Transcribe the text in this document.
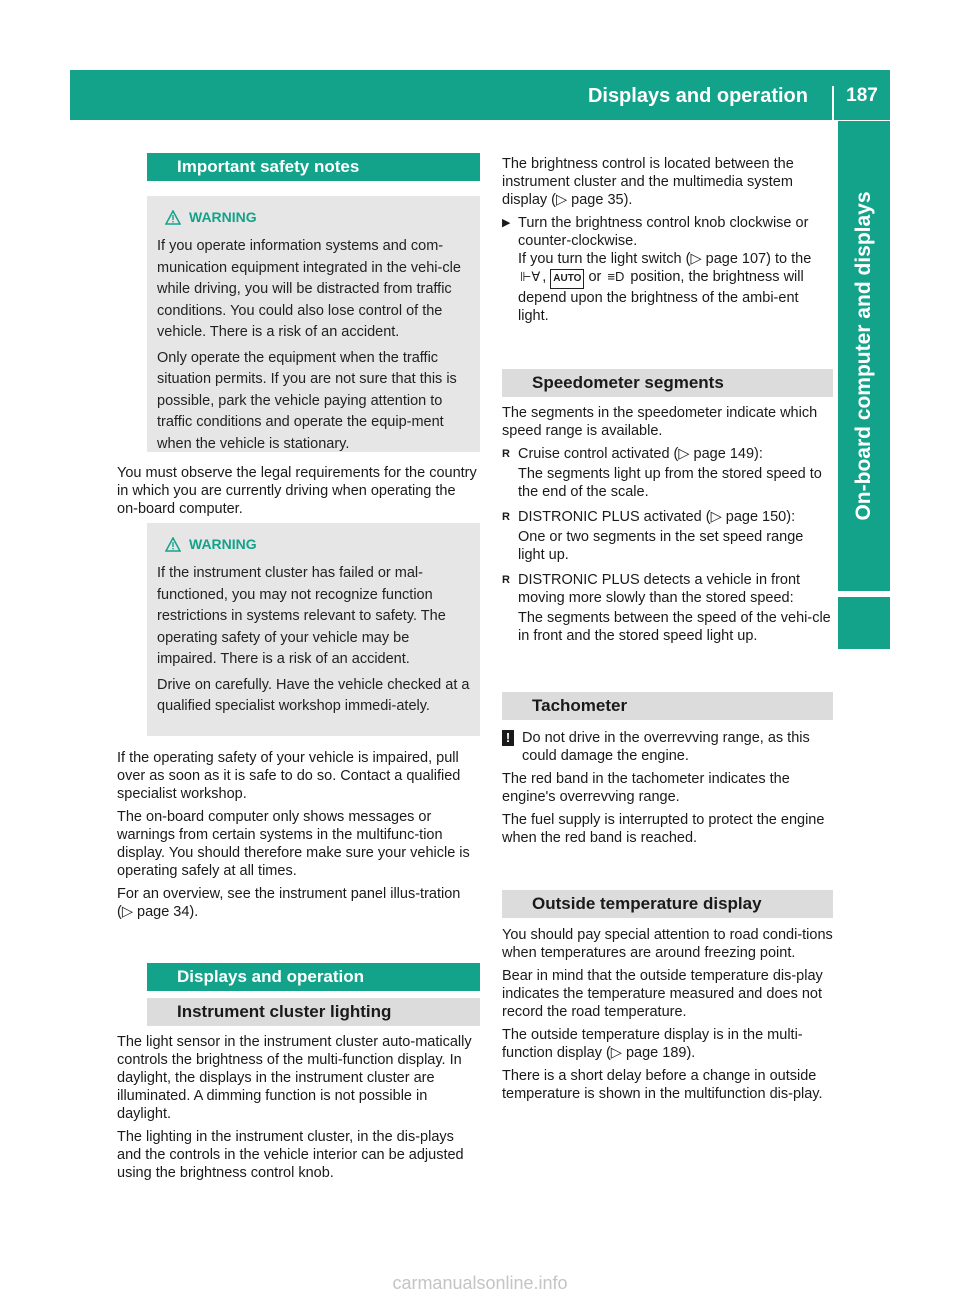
Displays and operation	187
On-board computer and displays
Important safety notes
WARNING

If you operate information systems and com-munication equipment integrated in the vehi-cle while driving, you will be distracted from traffic conditions. You could also lose control of the vehicle. There is a risk of an accident.

Only operate the equipment when the traffic situation permits. If you are not sure that this is possible, park the vehicle paying attention to traffic conditions and operate the equip-ment when the vehicle is stationary.

You must observe the legal requirements for the country in which you are currently driving when operating the on-board computer.

WARNING

If the instrument cluster has failed or mal-functioned, you may not recognize function restrictions in systems relevant to safety. The operating safety of your vehicle may be impaired. There is a risk of an accident.

Drive on carefully. Have the vehicle checked at a qualified specialist workshop immedi-ately.

If the operating safety of your vehicle is impaired, pull over as soon as it is safe to do so. Contact a qualified specialist workshop.

The on-board computer only shows messages or warnings from certain systems in the multifunc-tion display. You should therefore make sure your vehicle is operating safely at all times.

For an overview, see the instrument panel illus-tration (▷ page 34).

Displays and operation
Instrument cluster lighting

The light sensor in the instrument cluster auto-matically controls the brightness of the multi-function display. In daylight, the displays in the instrument cluster are illuminated. A dimming function is not possible in daylight.

The lighting in the instrument cluster, in the dis-plays and the controls in the vehicle interior can be adjusted using the brightness control knob.

The brightness control is located between the instrument cluster and the multimedia system display (▷ page 35).

▶ Turn the brightness control knob clockwise or counter-clockwise.

If you turn the light switch (▷ page 107) to the ⊩∀ , AUTO or ≡D position, the brightness will depend upon the brightness of the ambi-ent light.

Speedometer segments

The segments in the speedometer indicate which speed range is available.

R Cruise control activated (▷ page 149):

The segments light up from the stored speed to the end of the scale.

R DISTRONIC PLUS activated (▷ page 150):

One or two segments in the set speed range light up.

R DISTRONIC PLUS detects a vehicle in front moving more slowly than the stored speed:

The segments between the speed of the vehi-cle in front and the stored speed light up.

Tachometer
! Do not drive in the overrevving range, as this could damage the engine.

The red band in the tachometer indicates the engine's overrevving range.

The fuel supply is interrupted to protect the engine when the red band is reached.

Outside temperature display

You should pay special attention to road condi-tions when temperatures are around freezing point.

Bear in mind that the outside temperature dis-play indicates the temperature measured and does not record the road temperature.

The outside temperature display is in the multi-function display (▷ page 189).

There is a short delay before a change in outside temperature is shown in the multifunction dis-play.

carmanualsonline.info
